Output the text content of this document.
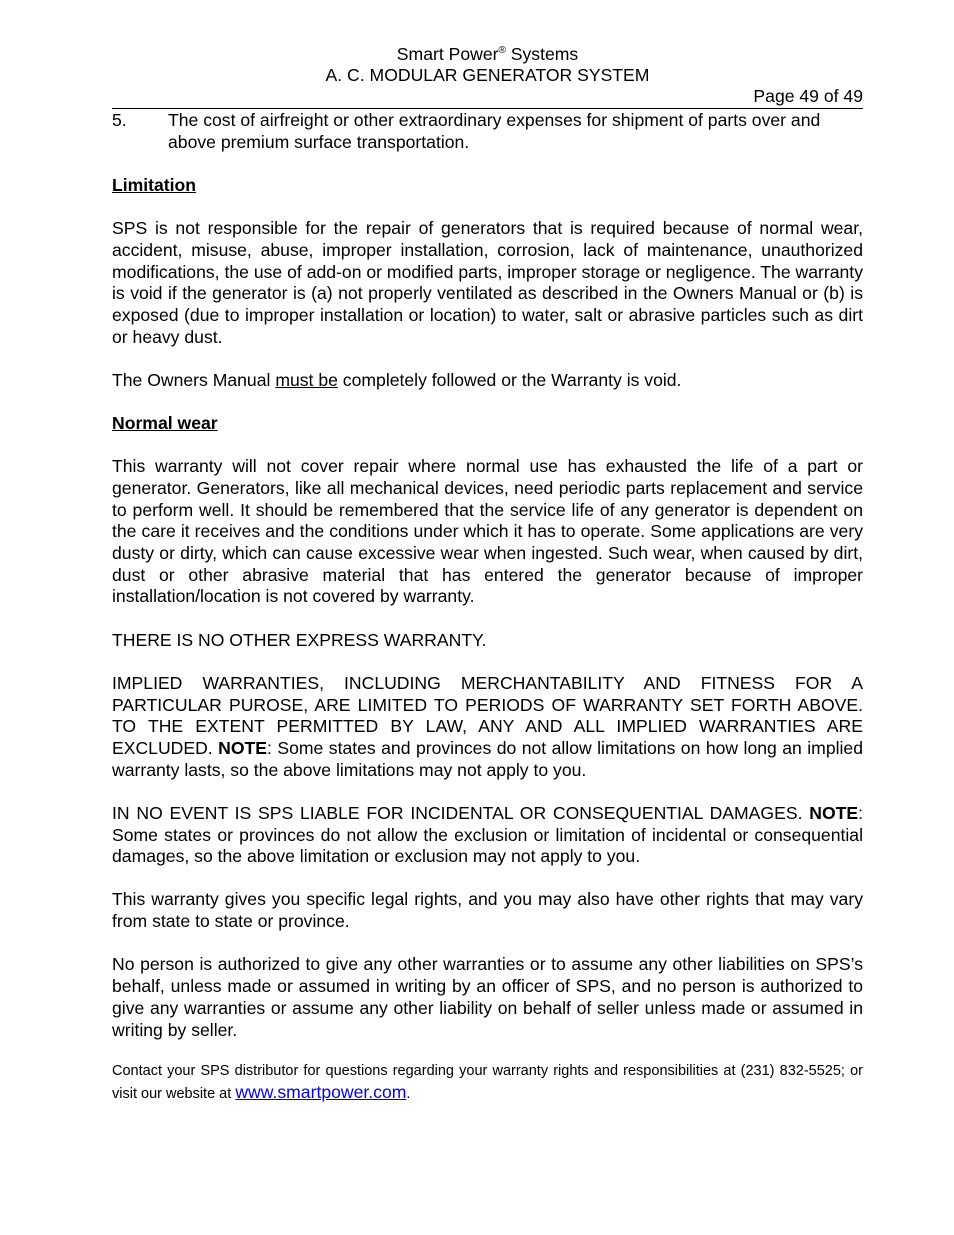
Smart Power® Systems
A. C. MODULAR GENERATOR SYSTEM
Page 49 of 49
5.	The cost of airfreight or other extraordinary expenses for shipment of parts over and above premium surface transportation.

Limitation

SPS is not responsible for the repair of generators that is required because of normal wear, accident, misuse, abuse, improper installation, corrosion, lack of maintenance, unauthorized modifications, the use of add-on or modified parts, improper storage or negligence. The warranty is void if the generator is (a) not properly ventilated as described in the Owners Manual or (b) is exposed (due to improper installation or location) to water, salt or abrasive particles such as dirt or heavy dust.

The Owners Manual must be completely followed or the Warranty is void.

Normal wear

This warranty will not cover repair where normal use has exhausted the life of a part or generator. Generators, like all mechanical devices, need periodic parts replacement and service to perform well. It should be remembered that the service life of any generator is dependent on the care it receives and the conditions under which it has to operate. Some applications are very dusty or dirty, which can cause excessive wear when ingested. Such wear, when caused by dirt, dust or other abrasive material that has entered the generator because of improper installation/location is not covered by warranty.

THERE IS NO OTHER EXPRESS WARRANTY.

IMPLIED WARRANTIES, INCLUDING MERCHANTABILITY AND FITNESS FOR A PARTICULAR PUROSE, ARE LIMITED TO PERIODS OF WARRANTY SET FORTH ABOVE. TO THE EXTENT PERMITTED BY LAW, ANY AND ALL IMPLIED WARRANTIES ARE EXCLUDED. NOTE: Some states and provinces do not allow limitations on how long an implied warranty lasts, so the above limitations may not apply to you.

IN NO EVENT IS SPS LIABLE FOR INCIDENTAL OR CONSEQUENTIAL DAMAGES. NOTE: Some states or provinces do not allow the exclusion or limitation of incidental or consequential damages, so the above limitation or exclusion may not apply to you.

This warranty gives you specific legal rights, and you may also have other rights that may vary from state to state or province.

No person is authorized to give any other warranties or to assume any other liabilities on SPS’s behalf, unless made or assumed in writing by an officer of SPS, and no person is authorized to give any warranties or assume any other liability on behalf of seller unless made or assumed in writing by seller.

Contact your SPS distributor for questions regarding your warranty rights and responsibilities at (231) 832-5525; or visit our website at www.smartpower.com.
